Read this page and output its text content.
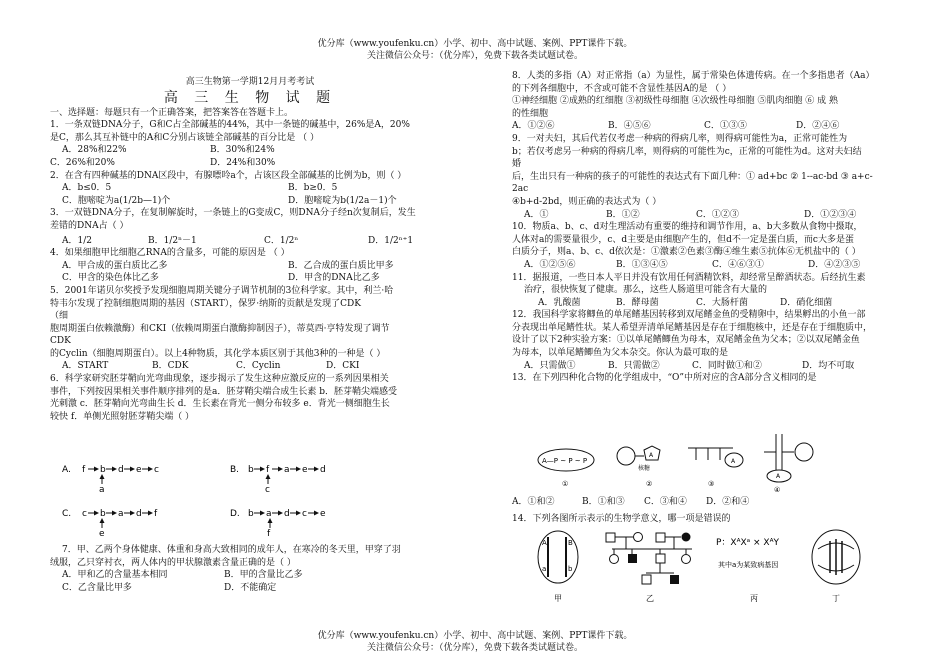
优分库（www.youfenku.cn）小学、初中、高中试题、案例、PPT课件下载。
关注微信公众号：（优分库），免费下载各类试题试卷。

高三生物第一学期12月月考考试

高 三 生 物 试 题

一、选择题：每题只有一个正确答案，把答案答在答题卡上。

1．一条双链DNA分子，G和C占全部碱基的44%，其中一条链的碱基中，26%是A，20%

是C，那么其互补链中的A和C分别占该链全部碱基的百分比是 （ ）

A．28%和22%	B．30%和24%
C．26%和20%	D．24%和30%

2．在含有四种碱基的DNA区段中，有腺嘌呤a个，占该区段全部碱基的比例为b，则（ ）

A．b≤0．5	B．b≥0．5
C．胞嘧啶为a(1/2b—1)个	D．胞嘧啶为b(1/2a－1)个

3．一双链DNA分子，在复制解旋时，一条链上的G变成C，则DNA分子经n次复制后，发生

差错的DNA占（ ）

A．1/2	B．1/2ⁿ－1	C．1/2ⁿ	D．1/2ⁿ⁺1

4．如果细胞甲比细胞乙RNA的含量多，可能的原因是 （ ）

A．甲合成的蛋白质比乙多	B．乙合成的蛋白质比甲多
C．甲含的染色体比乙多	D．甲含的DNA比乙多

5．2001年诺贝尔奖授予发现细胞周期关键分子调节机制的3位科学家。其中，利兰·哈

特韦尔发现了控制细胞周期的基因（START），保罗·纳斯的贡献是发现了CDK

（细

胞周期蛋白依赖激酶）和CKI（依赖周期蛋白激酶抑制因子），蒂莫西·亨特发现了调节

CDK

的Cyclin（细胞周期蛋白）。以上4种物质，其化学本质区别于其他3种的一种是（ ）

A．START	B．CDK	C．Cyclin	D．CKI

6．科学家研究胚芽鞘向光弯曲现象，逐步揭示了发生这种应激反应的一系列因果相关

事件，下列按因果相关事件顺序排列的是a．胚芽鞘尖端合成生长素 b．胚芽鞘尖端感受

光刺激 c．胚芽鞘向光弯曲生长 d．生长素在背光一侧分布较多 e．背光一侧细胞生长

较快 f．单侧光照射胚芽鞘尖端（ ）

A. f b d e c
a
B. b f a e d
c
C. c b a d f
e
D. b a d c e
f

7．甲、乙两个身体健康、体重和身高大致相同的成年人，在寒冷的冬天里，甲穿了羽

绒服，乙只穿衬衣，两人体内的甲状腺激素含量正确的是（ ）

A．甲和乙的含量基本相同	B．甲的含量比乙多
C．乙含量比甲多	D．不能确定

8．人类的多指（A）对正常指（a）为显性，属于常染色体遗传病。在一个多指患者（Aa）

的下列各细胞中，不含或可能不含显性基因A的是 （ ）

①神经细胞 ②成熟的红细胞 ③初级性母细胞 ④次级性母细胞 ⑤肌肉细胞 ⑥ 成 熟

的性细胞

A．①②⑥	B．④⑤⑥	C．①③⑤	D．②④⑥

9．一对夫妇，其后代若仅考虑一种病的得病几率，则得病可能性为a，正常可能性为

b；若仅考虑另一种病的得病几率，则得病的可能性为c，正常的可能性为d。这对夫妇结

婚

后，生出只有一种病的孩子的可能性的表达式有下面几种：① ad+bc ② 1--ac-bd ③ a+c-

2ac

④b+d-2bd，则正确的表达式为（ ）

A．①	B．①②	C．①②③	D．①②③④

10．物质a、b、c、d对生理活动有重要的维持和调节作用，a、b大多数从食物中摄取，

人体对a的需要量很少，c、d主要是由细胞产生的，但d不一定是蛋白质，而c大多是蛋

白质分子，则a、b、c、d依次是：①激素②色素③酶④维生素⑤抗体⑥无机盐中的（ ）

A．①②⑤⑥	B．①③④⑤	C．④⑥③①	D．④②③⑤

11．据报道，一些日本人平日并没有饮用任何酒精饮料，却经常呈醉酒状态。后经抗生素

治疗，很快恢复了健康。那么，这些人肠道里可能含有大量的

A．乳酸菌	B．酵母菌	C．大肠杆菌	D．硝化细菌

12．我国科学家将鲫鱼的单尾鳍基因转移到双尾鳍金鱼的受精卵中，结果孵出的小鱼一部

分表现出单尾鳍性状。某人希望弄清单尾鳍基因是存在于细胞核中，还是存在于细胞质中，

设计了以下2种实验方案：①以单尾鳍鲫鱼为母本，双尾鳍金鱼为父本；②以双尾鳍金鱼

为母本，以单尾鳍鲫鱼为父本杂交。你认为最可取的是

A．只需做①	B．只需做②	C．同时做①和②	D．均不可取

13．在下列四种化合物的化学组成中，“O”中所对应的含A部分含义相同的是

A—P ~ P ~ P
①
A
核糖
②
A
③
A
④
A．①和②	B．①和③	C．③和④	D．②和④

14．下列各图所示表示的生物学意义，哪一项是错误的

A
a
B
b
甲	乙
P：XᴬXᵃ × XᴬY
其中a为某致病基因
丙	丁
优分库（www.youfenku.cn）小学、初中、高中试题、案例、PPT课件下载。
关注微信公众号：（优分库），免费下载各类试题试卷。
